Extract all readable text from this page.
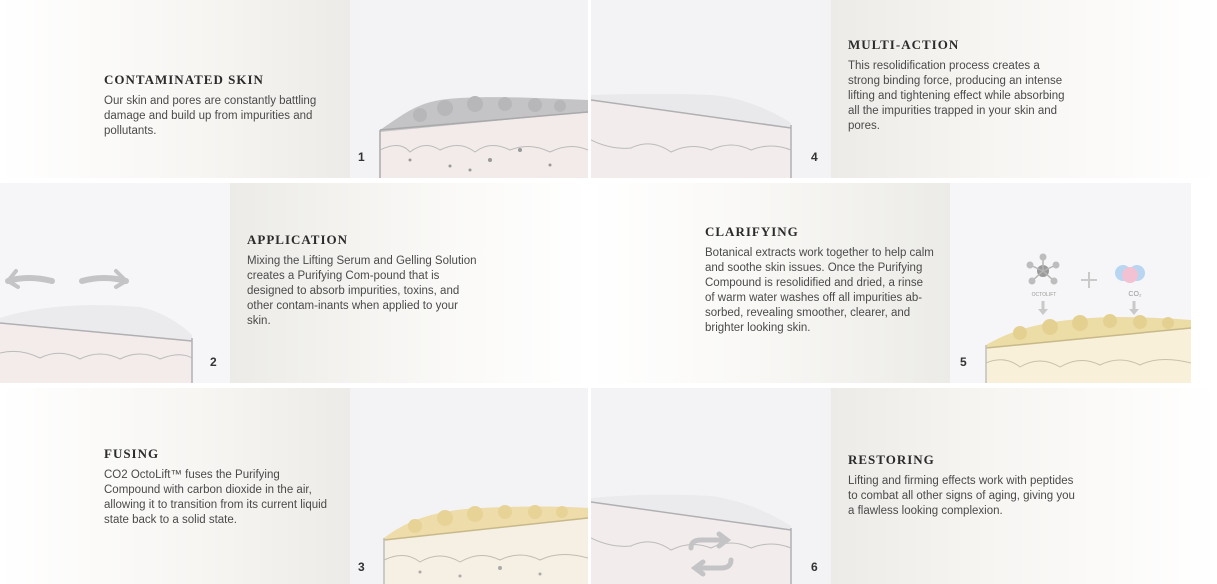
CONTAMINATED SKIN

Our skin and pores are constantly battling damage and build up from impurities and pollutants.

1	4
MULTI-ACTION

This resolidification process creates a strong binding force, producing an intense lifting and tightening effect while absorbing all the impurities trapped in your skin and pores.

2
APPLICATION

Mixing the Lifting Serum and Gelling Solution creates a Purifying Com-pound that is designed to absorb impurities, toxins, and other contam-inants when applied to your skin.

CLARIFYING

Botanical extracts work together to help calm and soothe skin issues. Once the Purifying Compound is resolidified and dried, a rinse of warm water washes off all impurities ab-sorbed, revealing smoother, clearer, and brighter looking skin.

OCTOLIFT	CO₂
5
FUSING

CO2 OctoLift™ fuses the Purifying Compound with carbon dioxide in the air, allowing it to transition from its current liquid state back to a solid state.

3	6
RESTORING

Lifting and firming effects work with peptides to combat all other signs of aging, giving you a flawless looking complexion.
